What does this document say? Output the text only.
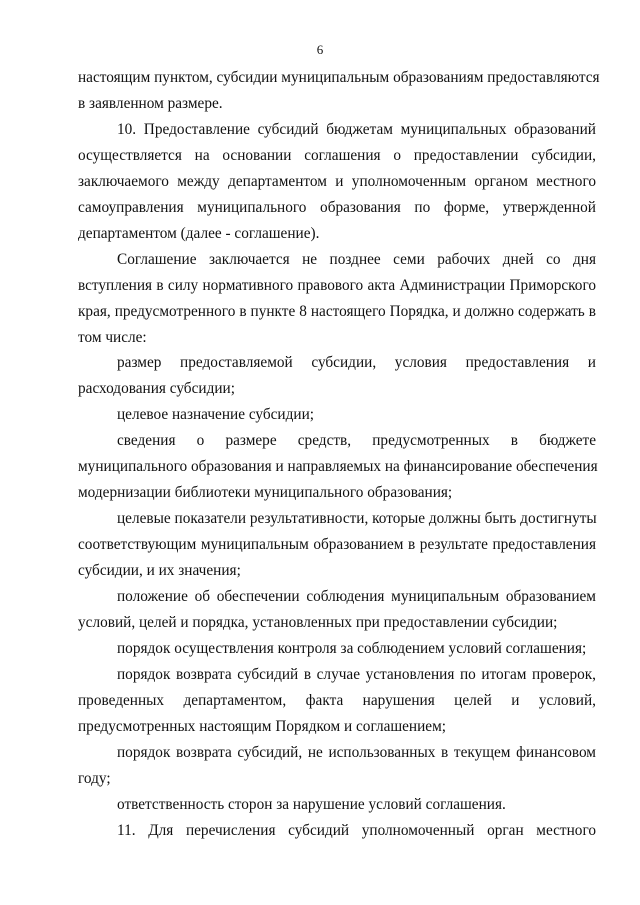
6
настоящим пунктом, субсидии муниципальным образованиям предоставляются
в заявленном размере.
10. Предоставление субсидий бюджетам муниципальных образований
осуществляется на основании соглашения о предоставлении субсидии,
заключаемого между департаментом и уполномоченным органом местного
самоуправления муниципального образования по форме, утвержденной
департаментом (далее - соглашение).
Соглашение заключается не позднее семи рабочих дней со дня
вступления в силу нормативного правового акта Администрации Приморского
края, предусмотренного в пункте 8 настоящего Порядка, и должно содержать в
том числе:
размер предоставляемой субсидии, условия предоставления и
расходования субсидии;
целевое назначение субсидии;
сведения о размере средств, предусмотренных в бюджете
муниципального образования и направляемых на финансирование обеспечения
модернизации библиотеки муниципального образования;
целевые показатели результативности, которые должны быть достигнуты
соответствующим муниципальным образованием в результате предоставления
субсидии, и их значения;
положение об обеспечении соблюдения муниципальным образованием
условий, целей и порядка, установленных при предоставлении субсидии;
порядок осуществления контроля за соблюдением условий соглашения;
порядок возврата субсидий в случае установления по итогам проверок,
проведенных департаментом, факта нарушения целей и условий,
предусмотренных настоящим Порядком и соглашением;
порядок возврата субсидий, не использованных в текущем финансовом
году;
ответственность сторон за нарушение условий соглашения.
11. Для перечисления субсидий уполномоченный орган местного
